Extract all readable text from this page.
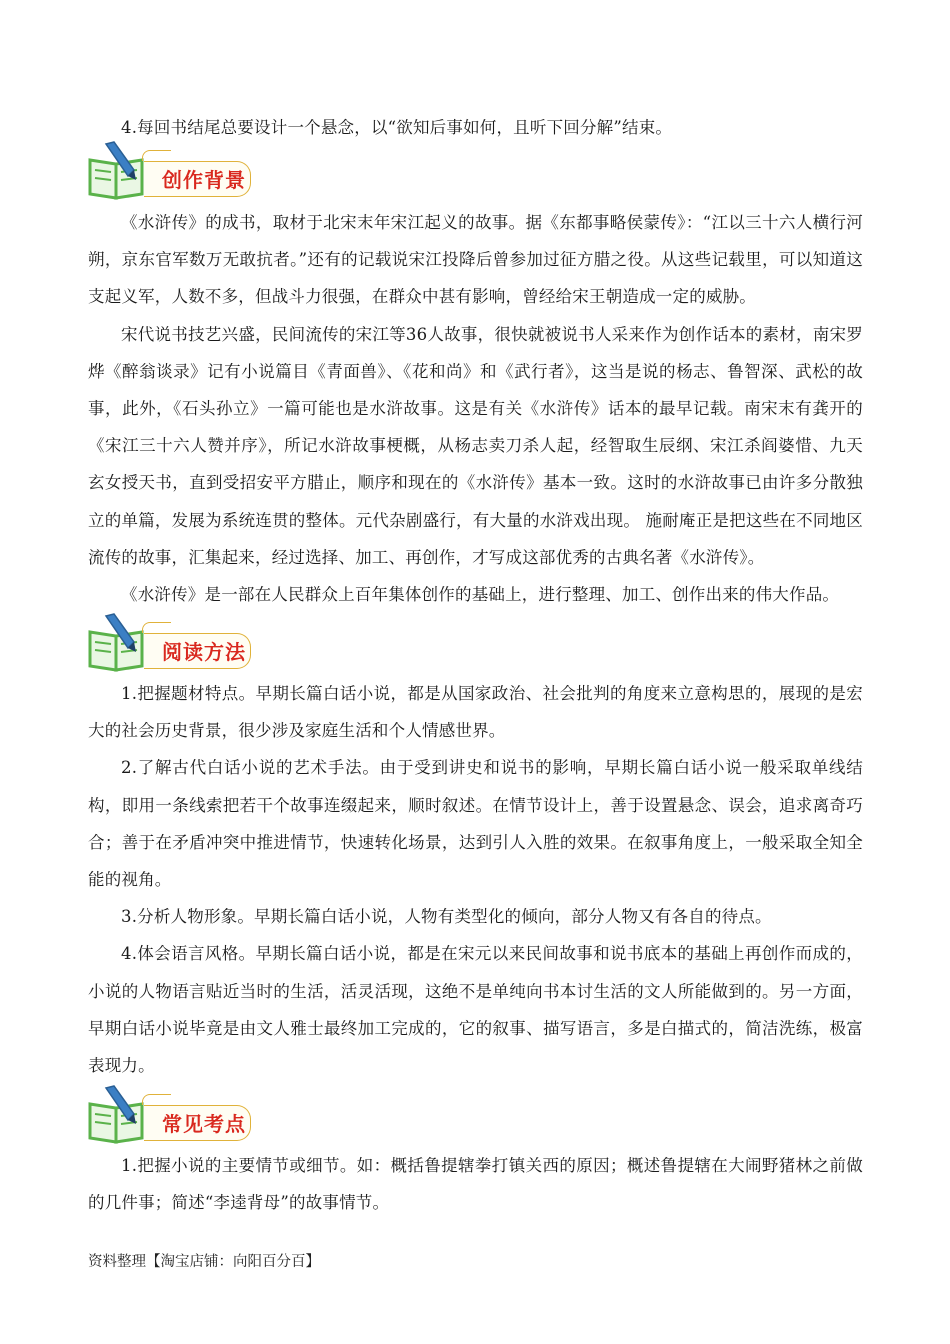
4.每回书结尾总要设计一个悬念，以“欲知后事如何，且听下回分解”结束。

创作背景

《水浒传》的成书，取材于北宋末年宋江起义的故事。据《东都事略侯蒙传》：“江以三十六人横行河朔，京东官军数万无敢抗者。”还有的记载说宋江投降后曾参加过征方腊之役。从这些记载里，可以知道这支起义军，人数不多，但战斗力很强，在群众中甚有影响，曾经给宋王朝造成一定的威胁。

宋代说书技艺兴盛，民间流传的宋江等36人故事，很快就被说书人采来作为创作话本的素材，南宋罗烨《醉翁谈录》记有小说篇目《青面兽》、《花和尚》和《武行者》，这当是说的杨志、鲁智深、武松的故事，此外，《石头孙立》一篇可能也是水浒故事。这是有关《水浒传》话本的最早记载。南宋末有龚开的《宋江三十六人赞并序》，所记水浒故事梗概，从杨志卖刀杀人起，经智取生辰纲、宋江杀阎婆惜、九天玄女授天书，直到受招安平方腊止，顺序和现在的《水浒传》基本一致。这时的水浒故事已由许多分散独立的单篇，发展为系统连贯的整体。元代杂剧盛行，有大量的水浒戏出现。 施耐庵正是把这些在不同地区流传的故事，汇集起来，经过选择、加工、再创作，才写成这部优秀的古典名著《水浒传》。

《水浒传》是一部在人民群众上百年集体创作的基础上，进行整理、加工、创作出来的伟大作品。

阅读方法

1.把握题材特点。早期长篇白话小说，都是从国家政治、社会批判的角度来立意构思的，展现的是宏大的社会历史背景，很少涉及家庭生活和个人情感世界。

2.了解古代白话小说的艺术手法。由于受到讲史和说书的影响，早期长篇白话小说一般采取单线结构，即用一条线索把若干个故事连缀起来，顺时叙述。在情节设计上，善于设置悬念、误会，追求离奇巧合；善于在矛盾冲突中推进情节，快速转化场景，达到引人入胜的效果。在叙事角度上，一般采取全知全能的视角。

3.分析人物形象。早期长篇白话小说，人物有类型化的倾向，部分人物又有各自的待点。

4.体会语言风格。早期长篇白话小说，都是在宋元以来民间故事和说书底本的基础上再创作而成的，小说的人物语言贴近当时的生活，活灵活现，这绝不是单纯向书本讨生活的文人所能做到的。另一方面，早期白话小说毕竟是由文人雅士最终加工完成的，它的叙事、描写语言，多是白描式的，简洁洗练，极富表现力。

常见考点

1.把握小说的主要情节或细节。如：概括鲁提辖拳打镇关西的原因；概述鲁提辖在大闹野猪林之前做的几件事；简述“李逵背母”的故事情节。

资料整理【淘宝店铺：向阳百分百】
